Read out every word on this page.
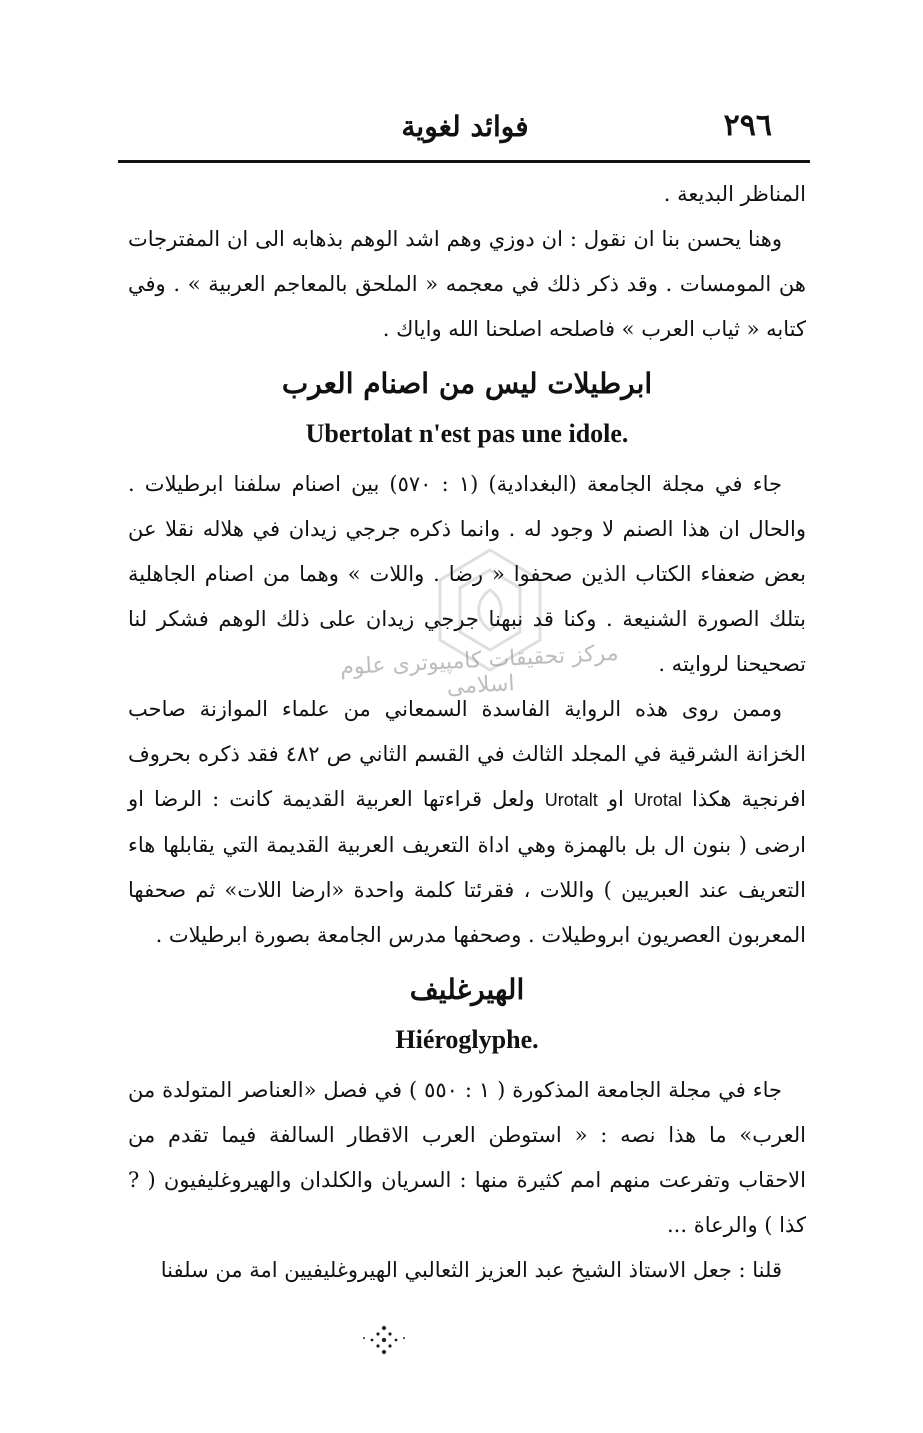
٢٩٦
فوائد لغوية
مرکز تحقیقات کامپیوتری علوم اسلامی

المناظر البديعة .

وهنا يحسن بنا ان نقول : ان دوزي وهم اشد الوهم بذهابه الى ان المفترجات هن المومسات . وقد ذكر ذلك في معجمه « الملحق بالمعاجم العربية » . وفي كتابه « ثياب العرب » فاصلحه اصلحنا الله واياك .

ابرطيلات ليس من اصنام العرب
Ubertolat n'est pas une idole.

جاء في مجلة الجامعة (البغدادية) (١ : ٥٧٠) بين اصنام سلفنا ابرطيلات . والحال ان هذا الصنم لا وجود له . وانما ذكره جرجي زيدان في هلاله نقلا عن بعض ضعفاء الكتاب الذين صحفوا « رضا . واللات » وهما من اصنام الجاهلية بتلك الصورة الشنيعة . وكنا قد نبهنا جرجي زيدان على ذلك الوهم فشكر لنا تصحيحنا لروايته .

وممن روى هذه الرواية الفاسدة السمعاني من علماء الموازنة صاحب الخزانة الشرقية في المجلد الثالث في القسم الثاني ص ٤٨٢ فقد ذكره بحروف افرنجية هكذا Urotal او Urotalt ولعل قراءتها العربية القديمة كانت : الرضا او ارضى ( بنون ال بل بالهمزة وهي اداة التعريف العربية القديمة التي يقابلها هاء التعريف عند العبريين ) واللات ، فقرئتا كلمة واحدة «ارضا اللات» ثم صحفها المعربون العصريون ابروطيلات . وصحفها مدرس الجامعة بصورة ابرطيلات .

الهيرغليف
Hiéroglyphe.

جاء في مجلة الجامعة المذكورة ( ١ : ٥٥٠ ) في فصل «العناصر المتولدة من العرب» ما هذا نصه : « استوطن العرب الاقطار السالفة فيما تقدم من الاحقاب وتفرعت منهم امم كثيرة منها : السريان والكلدان والهيروغليفيون ( ? كذا ) والرعاة ...

قلنا : جعل الاستاذ الشيخ عبد العزيز الثعالبي الهيروغليفيين امة من سلفنا
